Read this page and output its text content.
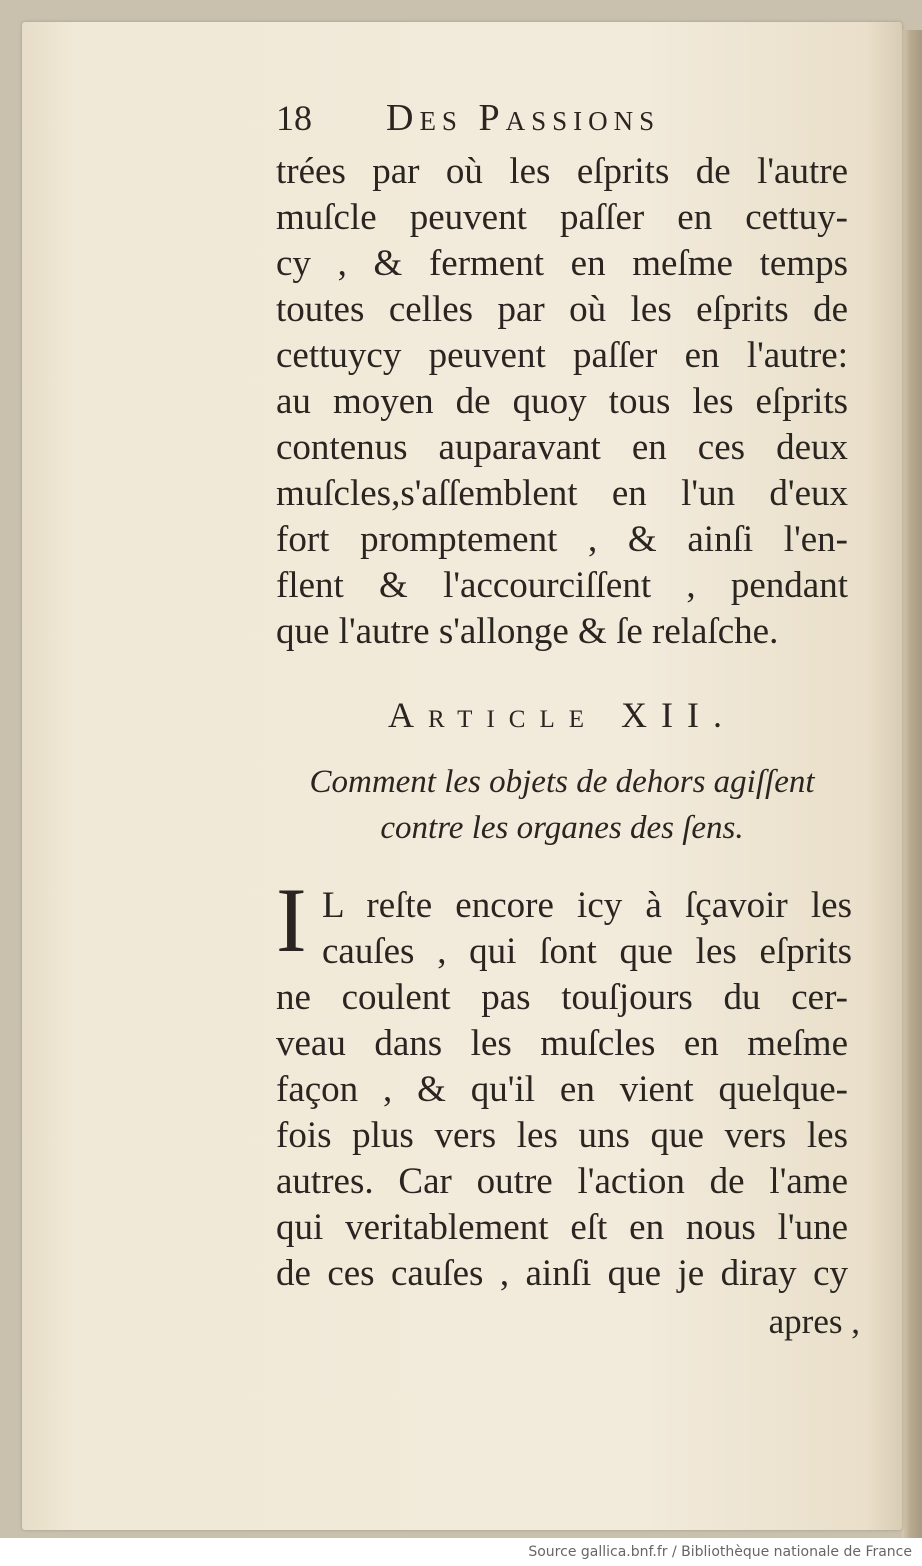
18	Des Passions
trées par où les eſprits de l'autre
muſcle peuvent paſſer en cettuy-
cy , & ferment en meſme temps
toutes celles par où les eſprits de
cettuycy peuvent paſſer en l'autre:
au moyen de quoy tous les eſprits
contenus auparavant en ces deux
muſcles,s'aſſemblent en l'un d'eux
fort promptement , & ainſi l'en-
flent & l'accourciſſent , pendant
que l'autre s'allonge & ſe relaſche.
Article XII.
Comment les objets de dehors agiſſent
contre les organes des ſens.
I L reſte encore icy à ſçavoir les
cauſes , qui ſont que les eſprits
ne coulent pas touſjours du cer-
veau dans les muſcles en meſme
façon , & qu'il en vient quelque-
fois plus vers les uns que vers les
autres. Car outre l'action de l'ame
qui veritablement eſt en nous l'une
de ces cauſes , ainſi que je diray cy
apres ,
Source gallica.bnf.fr / Bibliothèque nationale de France
